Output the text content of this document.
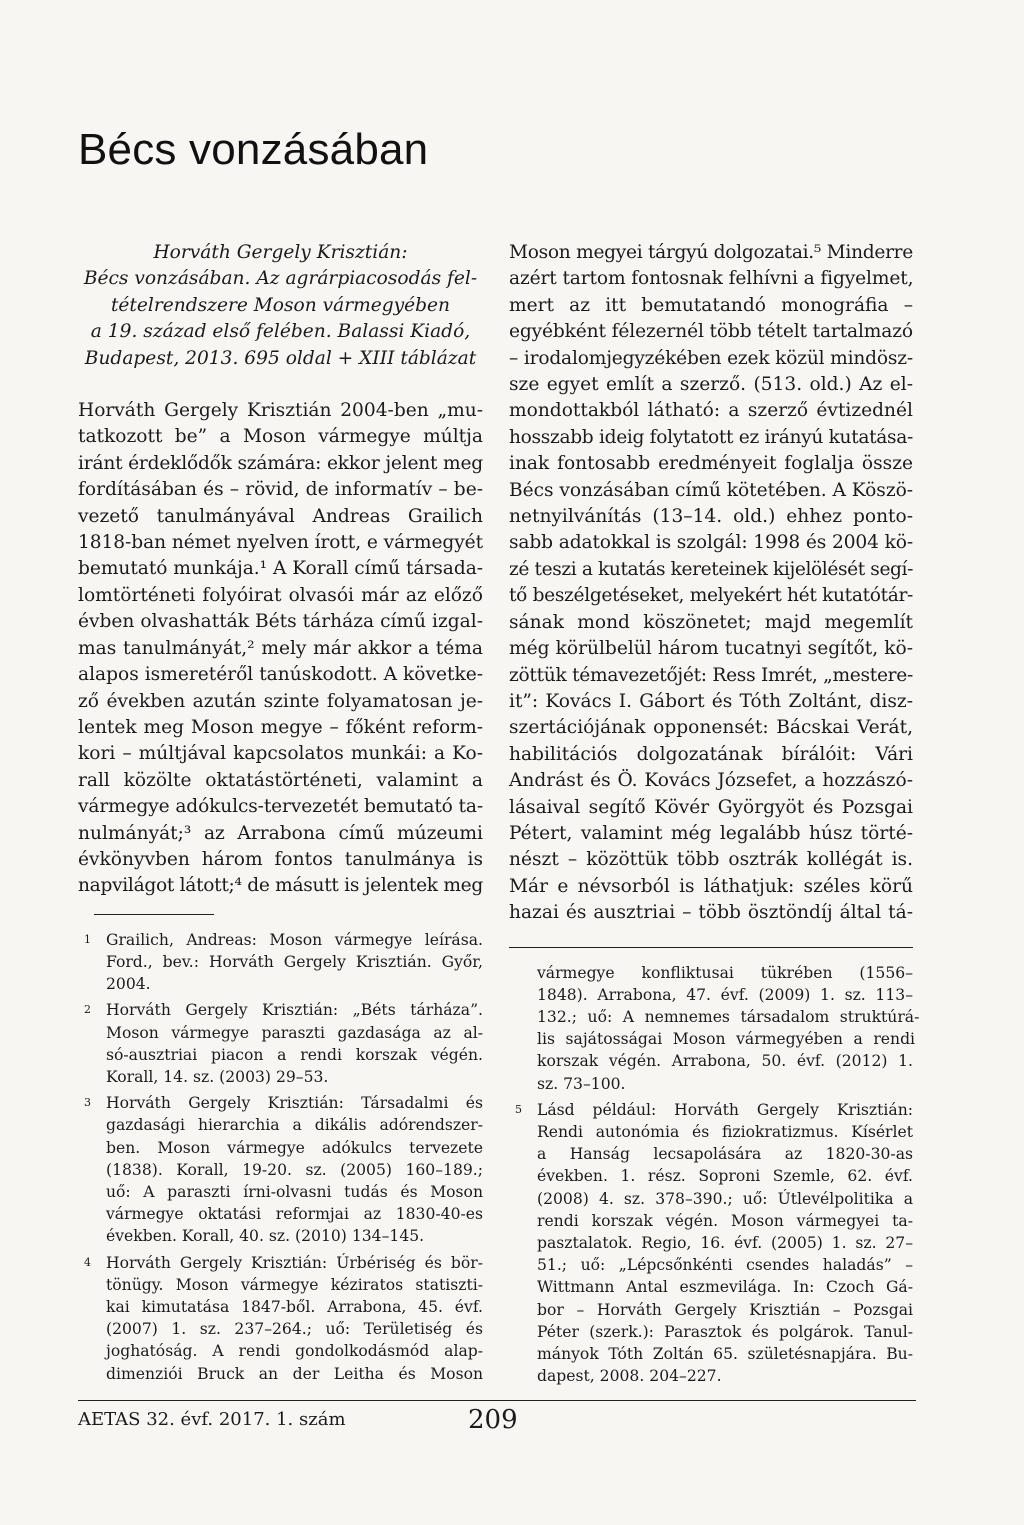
Bécs vonzásában
Horváth Gergely Krisztián:
Bécs vonzásában. Az agrárpiacosodás fel-
tételrendszere Moson vármegyében
a 19. század első felében. Balassi Kiadó,
Budapest, 2013. 695 oldal + XIII táblázat
Horváth Gergely Krisztián 2004-ben „mu-
tatkozott be” a Moson vármegye múltja
iránt érdeklődők számára: ekkor jelent meg
fordításában és – rövid, de informatív – be-
vezető tanulmányával Andreas Grailich
1818-ban német nyelven írott, e vármegyét
bemutató munkája.¹ A Korall című társada-
lomtörténeti folyóirat olvasói már az előző
évben olvashatták Béts tárháza című izgal-
mas tanulmányát,² mely már akkor a téma
alapos ismeretéről tanúskodott. A követke-
ző években azután szinte folyamatosan je-
lentek meg Moson megye – főként reform-
kori – múltjával kapcsolatos munkái: a Ko-
rall közölte oktatástörténeti, valamint a
vármegye adókulcs-tervezetét bemutató ta-
nulmányát;³ az Arrabona című múzeumi
évkönyvben három fontos tanulmánya is
napvilágot látott;⁴ de másutt is jelentek meg
1 Grailich, Andreas: Moson vármegye leírása.
Ford., bev.: Horváth Gergely Krisztián. Győr,
2004.
2 Horváth Gergely Krisztián: „Béts tárháza”.
Moson vármegye paraszti gazdasága az al-
só-ausztriai piacon a rendi korszak végén.
Korall, 14. sz. (2003) 29–53.
3 Horváth Gergely Krisztián: Társadalmi és
gazdasági hierarchia a dikális adórendszer-
ben. Moson vármegye adókulcs tervezete
(1838). Korall, 19-20. sz. (2005) 160–189.;
uő: A paraszti írni-olvasni tudás és Moson
vármegye oktatási reformjai az 1830-40-es
években. Korall, 40. sz. (2010) 134–145.
4 Horváth Gergely Krisztián: Úrbériség és bör-
tönügy. Moson vármegye kéziratos statiszti-
kai kimutatása 1847-ből. Arrabona, 45. évf.
(2007) 1. sz. 237–264.; uő: Területiség és
joghatóság. A rendi gondolkodásmód alap-
dimenziói Bruck an der Leitha és Moson
Moson megyei tárgyú dolgozatai.⁵ Minderre
azért tartom fontosnak felhívni a figyelmet,
mert az itt bemutatandó monográfia –
egyébként félezernél több tételt tartalmazó
– irodalomjegyzékében ezek közül mindösz-
sze egyet említ a szerző. (513. old.) Az el-
mondottakból látható: a szerző évtizednél
hosszabb ideig folytatott ez irányú kutatása-
inak fontosabb eredményeit foglalja össze
Bécs vonzásában című kötetében. A Köszö-
netnyilvánítás (13–14. old.) ehhez ponto-
sabb adatokkal is szolgál: 1998 és 2004 kö-
zé teszi a kutatás kereteinek kijelölését segí-
tő beszélgetéseket, melyekért hét kutatótár-
sának mond köszönetet; majd megemlít
még körülbelül három tucatnyi segítőt, kö-
zöttük témavezetőjét: Ress Imrét, „mestere-
it”: Kovács I. Gábort és Tóth Zoltánt, disz-
szertációjának opponensét: Bácskai Verát,
habilitációs dolgozatának bírálóit: Vári
Andrást és Ö. Kovács Józsefet, a hozzászó-
lásaival segítő Kövér Györgyöt és Pozsgai
Pétert, valamint még legalább húsz törté-
nészt – közöttük több osztrák kollégát is.
Már e névsorból is láthatjuk: széles körű
hazai és ausztriai – több ösztöndíj által tá-
vármegye konfliktusai tükrében (1556–
1848). Arrabona, 47. évf. (2009) 1. sz. 113–
132.; uő: A nemnemes társadalom struktúrá-
lis sajátosságai Moson vármegyében a rendi
korszak végén. Arrabona, 50. évf. (2012) 1.
sz. 73–100.
5 Lásd például: Horváth Gergely Krisztián:
Rendi autonómia és fiziokratizmus. Kísérlet
a Hanság lecsapolására az 1820-30-as
években. 1. rész. Soproni Szemle, 62. évf.
(2008) 4. sz. 378–390.; uő: Útlevélpolitika a
rendi korszak végén. Moson vármegyei ta-
pasztalatok. Regio, 16. évf. (2005) 1. sz. 27–
51.; uő: „Lépcsőnkénti csendes haladás” –
Wittmann Antal eszmevilága. In: Czoch Gá-
bor – Horváth Gergely Krisztián – Pozsgai
Péter (szerk.): Parasztok és polgárok. Tanul-
mányok Tóth Zoltán 65. születésnapjára. Bu-
dapest, 2008. 204–227.
AETAS 32. évf. 2017. 1. szám	209
